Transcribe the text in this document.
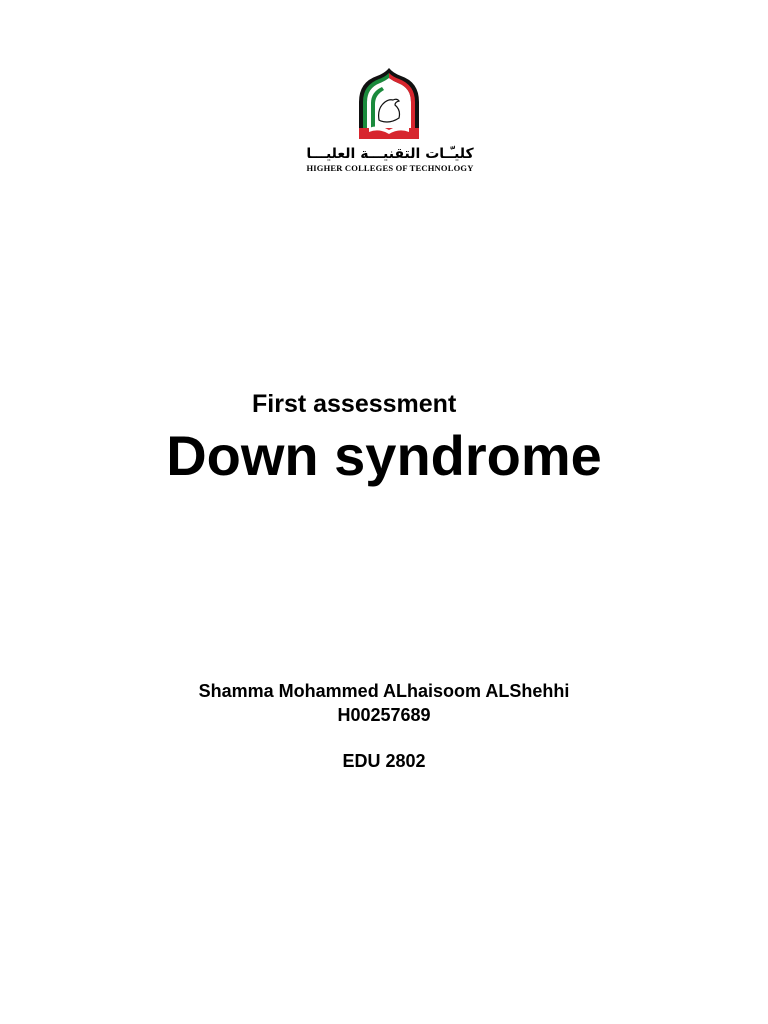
كليـّـات التقنيـــة العليـــا
HIGHER COLLEGES OF TECHNOLOGY
First assessment
Down syndrome
Shamma Mohammed ALhaisoom ALShehhi
H00257689
EDU 2802
